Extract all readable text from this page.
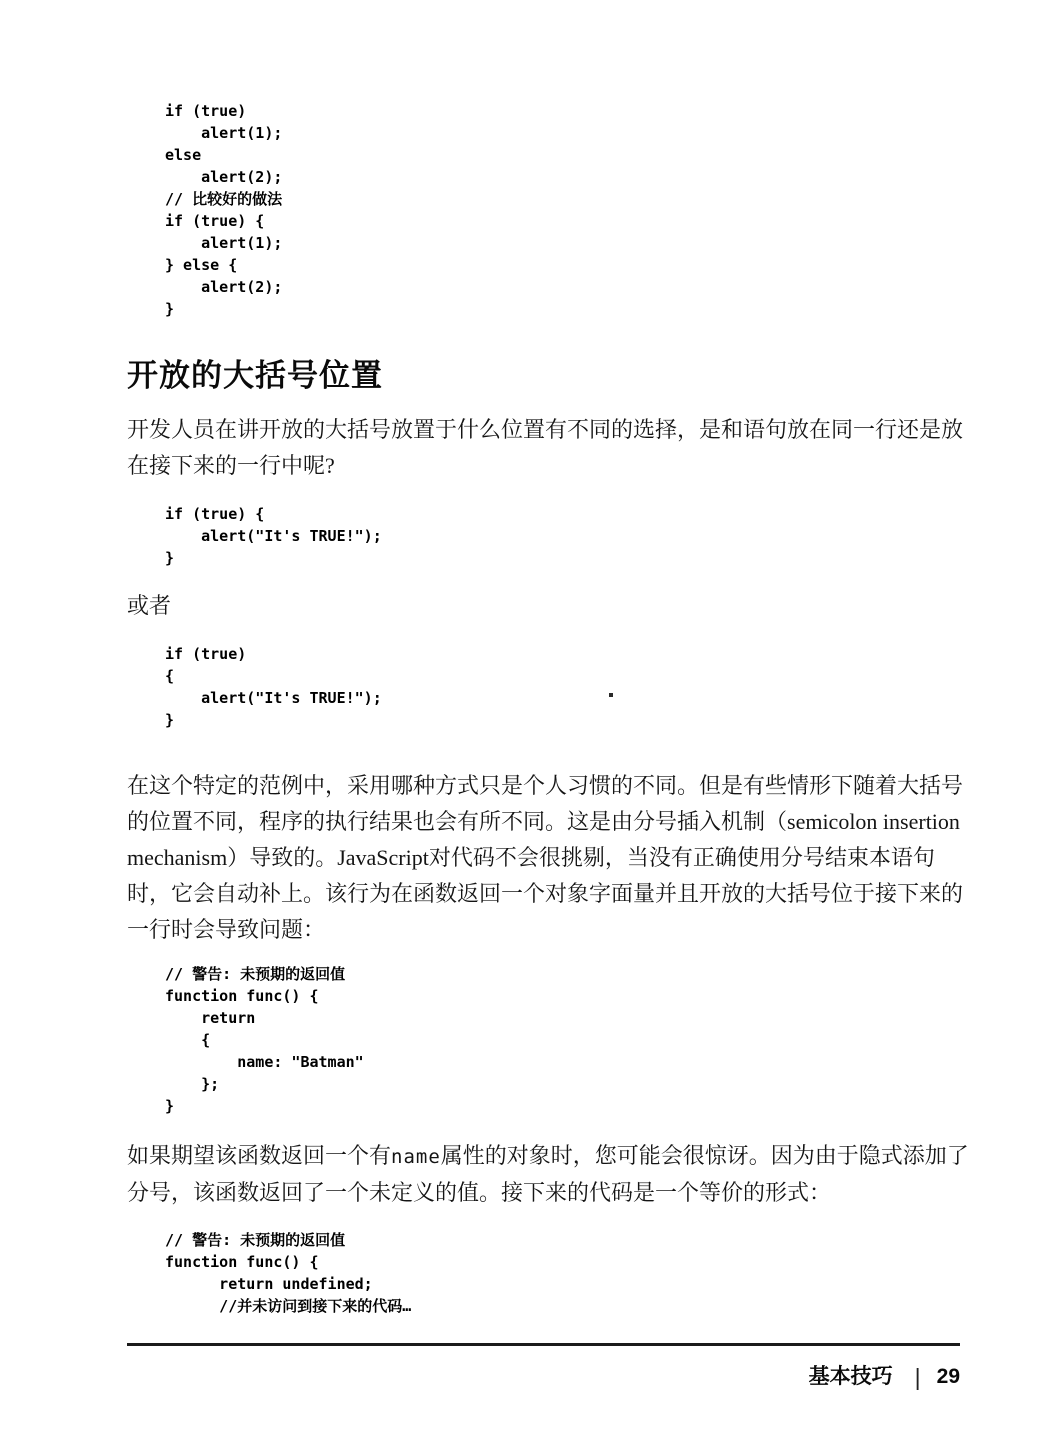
if (true)
alert(1);
else
alert(2);
// 比较好的做法
if (true) {
alert(1);
} else {
alert(2);
}
开放的大括号位置
开发人员在讲开放的大括号放置于什么位置有不同的选择，是和语句放在同一行还是放
在接下来的一行中呢?
if (true) {
alert("It's TRUE!");
}
或者
if (true)
{
alert("It's TRUE!");
}
在这个特定的范例中，采用哪种方式只是个人习惯的不同。但是有些情形下随着大括号
的位置不同，程序的执行结果也会有所不同。这是由分号插入机制（semicolon insertion
mechanism）导致的。JavaScript对代码不会很挑剔，当没有正确使用分号结束本语句
时，它会自动补上。该行为在函数返回一个对象字面量并且开放的大括号位于接下来的
一行时会导致问题：
// 警告: 未预期的返回值
function func() {
return
{
name: "Batman"
};
}
如果期望该函数返回一个有name属性的对象时，您可能会很惊讶。因为由于隐式添加了
分号，该函数返回了一个未定义的值。接下来的代码是一个等价的形式：
// 警告: 未预期的返回值
function func() {
return undefined;
//并未访问到接下来的代码…
基本技巧 | 29
